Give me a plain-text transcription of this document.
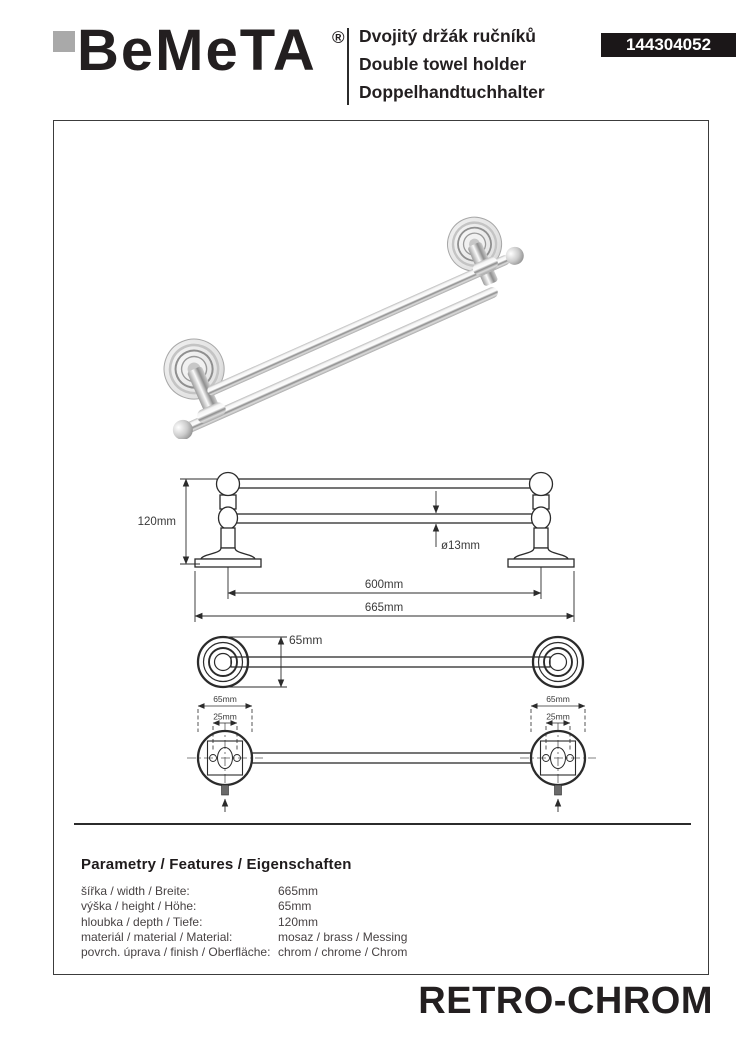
BeMeTA ® Dvojitý držák ručníků
Double towel holder
Doppelhandtuchhalter
144304052
120mm
ø13mm
600mm
665mm
65mm
65mm
25mm
65mm
25mm
Parametry / Features / Eigenschaften
šířka / width / Breite:	665mm
výška / height / Höhe:	65mm
hloubka / depth / Tiefe:	120mm
materiál / material / Material:	mosaz / brass / Messing
povrch. úprava / finish / Oberfläche: chrom / chrome / Chrom
RETRO-CHROM
